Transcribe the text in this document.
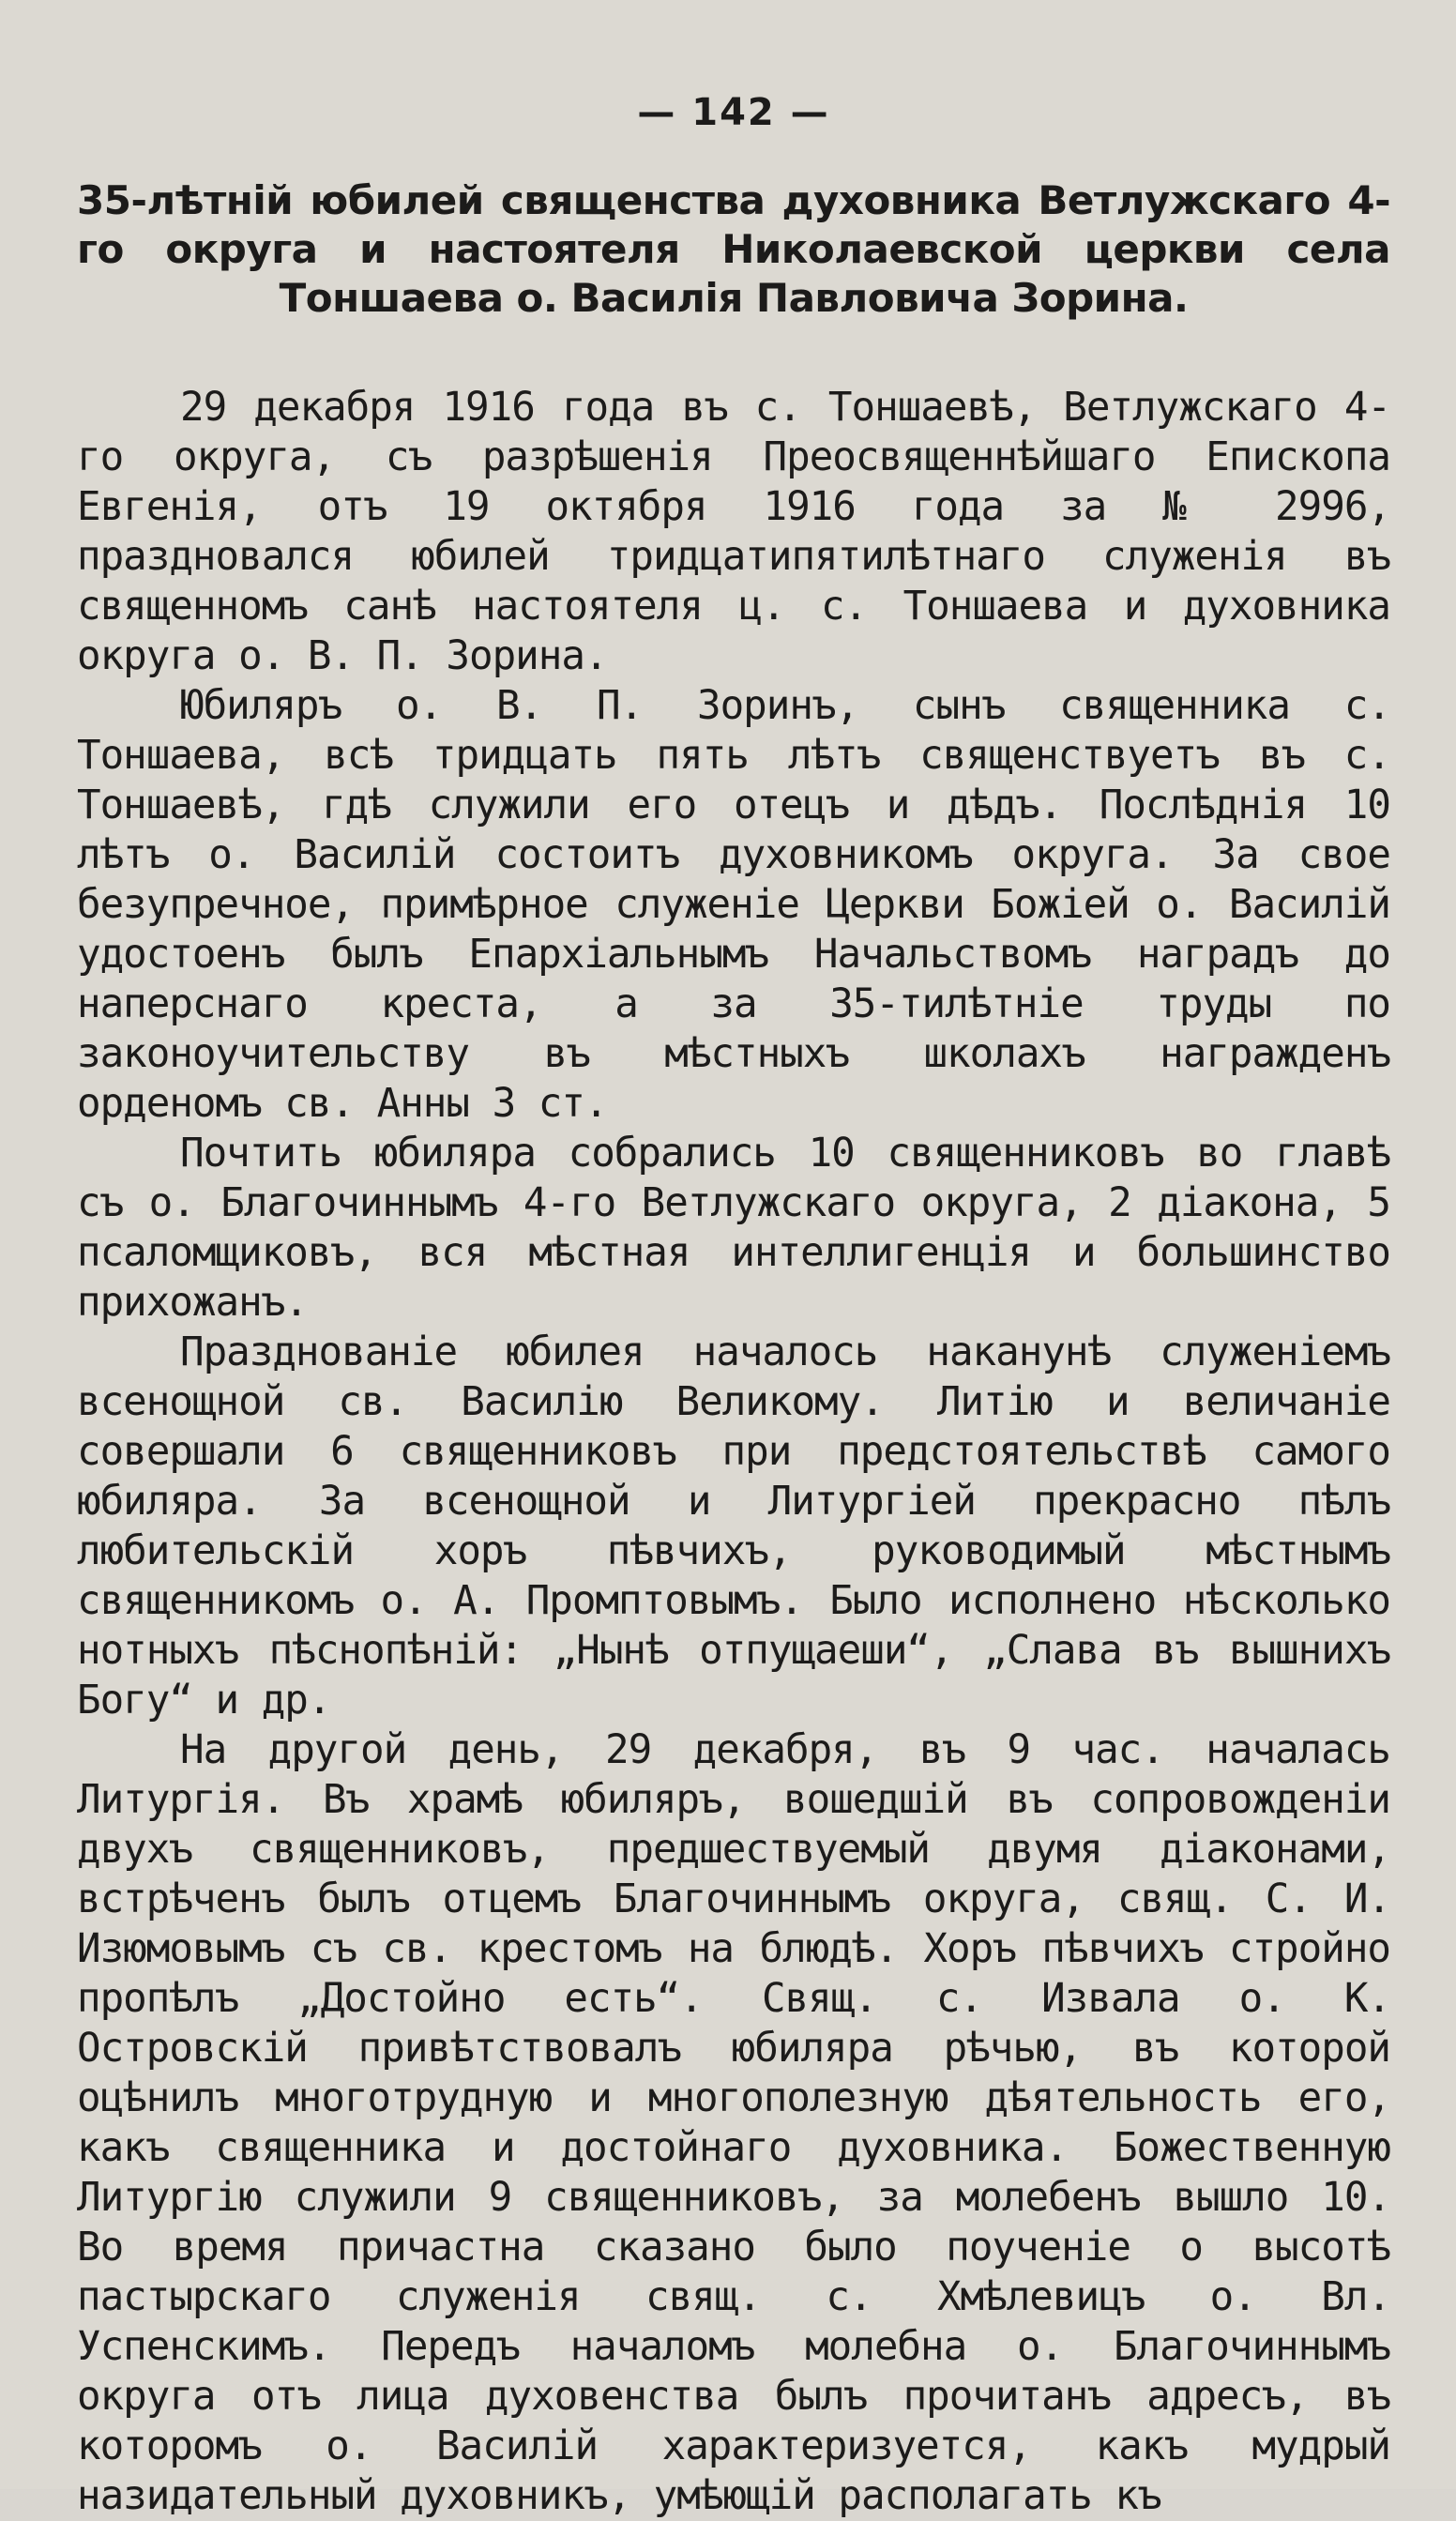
— 142 —
35-лѣтній юбилей священства духовника Ветлужскаго 4-го округа и настоятеля Николаевской церкви села Тоншаева о. Василія Павловича Зорина.

29 декабря 1916 года въ с. Тоншаевѣ, Ветлужскаго 4-го округа, съ разрѣшенія Преосвященнѣйшаго Епископа Евгенія, отъ 19 октября 1916 года за № 2996, праздновался юбилей тридцатипятилѣтнаго служенія въ священномъ санѣ настоятеля ц. с. Тоншаева и духовника округа о. В. П. Зорина.

Юбиляръ о. В. П. Зоринъ, сынъ священника с. Тоншаева, всѣ тридцать пять лѣтъ священствуетъ въ с. Тоншаевѣ, гдѣ служили его отецъ и дѣдъ. Послѣднія 10 лѣтъ о. Василій состоитъ духовникомъ округа. За свое безупречное, примѣрное служеніе Церкви Божіей о. Василій удостоенъ былъ Епархіальнымъ Начальствомъ наградъ до наперснаго креста, а за 35-тилѣтніе труды по законоучительству въ мѣстныхъ школахъ награжденъ орденомъ св. Анны 3 ст.

Почтить юбиляра собрались 10 священниковъ во главѣ съ о. Благочиннымъ 4-го Ветлужскаго округа, 2 діакона, 5 псаломщиковъ, вся мѣстная интеллигенція и большинство прихожанъ.

Празднованіе юбилея началось наканунѣ служеніемъ всенощной св. Василію Великому. Литію и величаніе совершали 6 священниковъ при предстоятельствѣ самого юбиляра. За всенощной и Литургіей прекрасно пѣлъ любительскій хоръ пѣвчихъ, руководимый мѣстнымъ священникомъ о. А. Промптовымъ. Было исполнено нѣсколько нотныхъ пѣснопѣній: „Нынѣ отпущаеши“, „Слава въ вышнихъ Богу“ и др.

На другой день, 29 декабря, въ 9 час. началась Литургія. Въ храмѣ юбиляръ, вошедшій въ сопровожденіи двухъ священниковъ, предшествуемый двумя діаконами, встрѣченъ былъ отцемъ Благочиннымъ округа, свящ. С. И. Изюмовымъ съ св. крестомъ на блюдѣ. Хоръ пѣвчихъ стройно пропѣлъ „Достойно есть“. Свящ. с. Извала о. К. Островскій привѣтствовалъ юбиляра рѣчью, въ которой оцѣнилъ многотрудную и многополезную дѣятельность его, какъ священника и достойнаго духовника. Божественную Литургію служили 9 священниковъ, за молебенъ вышло 10. Во время причастна сказано было поученіе о высотѣ пастырскаго служенія свящ. с. Хмѣлевицъ о. Вл. Успенскимъ. Передъ началомъ молебна о. Благочиннымъ округа отъ лица духовенства былъ прочитанъ адресъ, въ которомъ о. Василій характеризуется, какъ мудрый назидательный духовникъ, умѣющій располагать къ
